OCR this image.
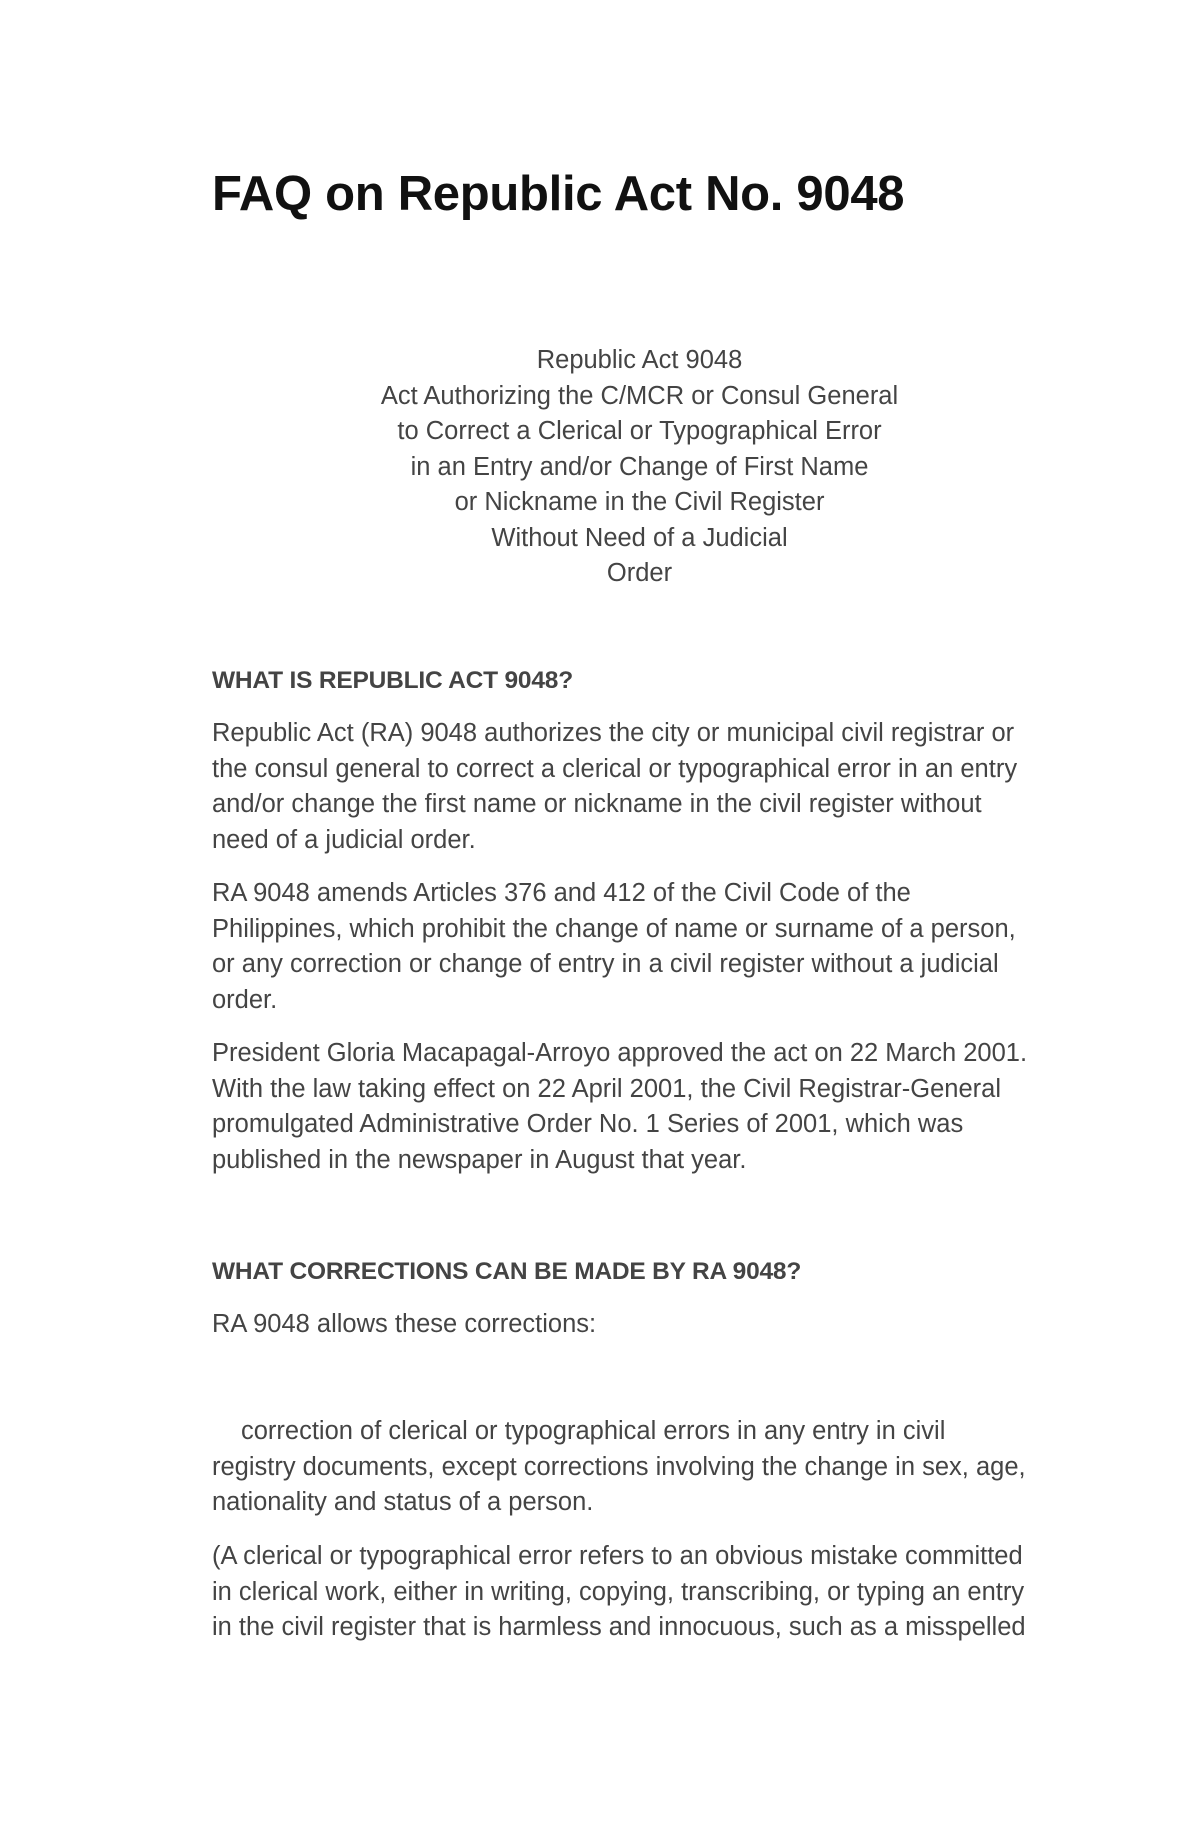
FAQ on Republic Act No. 9048
Republic Act 9048
Act Authorizing the C/MCR or Consul General
to Correct a Clerical or Typographical Error
in an Entry and/or Change of First Name
or Nickname in the Civil Register
Without Need of a Judicial
Order
WHAT IS REPUBLIC ACT 9048?

Republic Act (RA) 9048 authorizes the city or municipal civil registrar or
the consul general to correct a clerical or typographical error in an entry
and/or change the first name or nickname in the civil register without
need of a judicial order.

RA 9048 amends Articles 376 and 412 of the Civil Code of the
Philippines, which prohibit the change of name or surname of a person,
or any correction or change of entry in a civil register without a judicial
order.

President Gloria Macapagal-Arroyo approved the act on 22 March 2001.
With the law taking effect on 22 April 2001, the Civil Registrar-General
promulgated Administrative Order No. 1 Series of 2001, which was
published in the newspaper in August that year.

WHAT CORRECTIONS CAN BE MADE BY RA 9048?

RA 9048 allows these corrections:

correction of clerical or typographical errors in any entry in civil
registry documents, except corrections involving the change in sex, age,
nationality and status of a person.

(A clerical or typographical error refers to an obvious mistake committed
in clerical work, either in writing, copying, transcribing, or typing an entry
in the civil register that is harmless and innocuous, such as a misspelled
